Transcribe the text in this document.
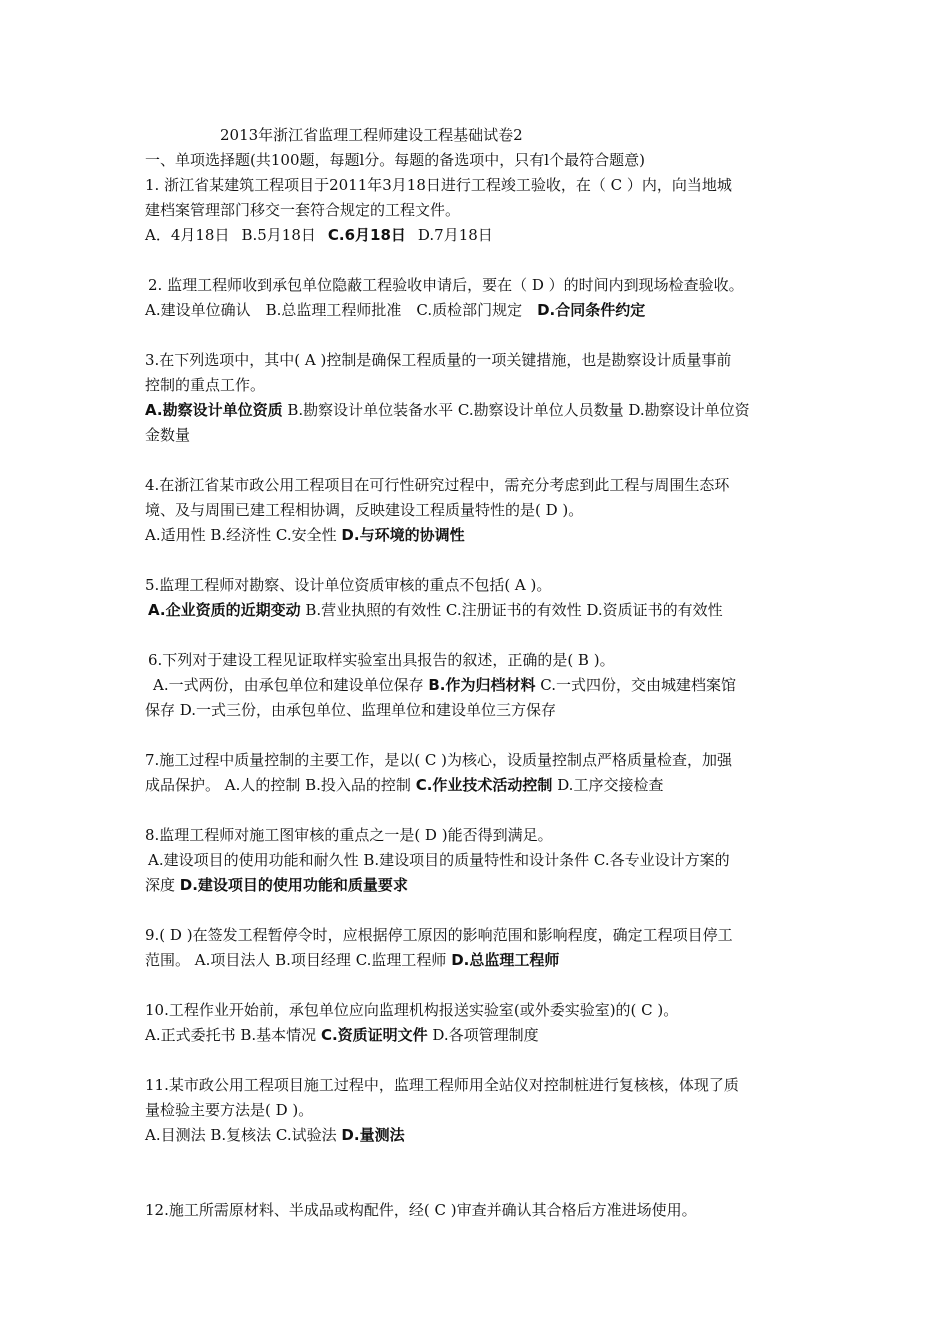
2013年浙江省监理工程师建设工程基础试卷2
一、单项选择题(共100题，每题l分。每题的备选项中，只有l个最符合题意)
1. 浙江省某建筑工程项目于2011年3月18日进行工程竣工验收，在（ C ）内，向当地城
建档案管理部门移交一套符合规定的工程文件。
A．4月18日 B.5月18日 C.6月18日 D.7月18日
2. 监理工程师收到承包单位隐蔽工程验收申请后，要在（ D ）的时间内到现场检查验收。
A.建设单位确认　B.总监理工程师批准　C.质检部门规定　D.合同条件约定
3.在下列选项中，其中( A )控制是确保工程质量的一项关键措施，也是勘察设计质量事前
控制的重点工作。
A.勘察设计单位资质 B.勘察设计单位装备水平 C.勘察设计单位人员数量 D.勘察设计单位资
金数量
4.在浙江省某市政公用工程项目在可行性研究过程中，需充分考虑到此工程与周围生态环
境、及与周围已建工程相协调，反映建设工程质量特性的是( D )。
A.适用性 B.经济性 C.安全性 D.与环境的协调性
5.监理工程师对勘察、设计单位资质审核的重点不包括( A )。
A.企业资质的近期变动 B.营业执照的有效性 C.注册证书的有效性 D.资质证书的有效性
6.下列对于建设工程见证取样实验室出具报告的叙述，正确的是( B )。
A.一式两份，由承包单位和建设单位保存 B.作为归档材料 C.一式四份，交由城建档案馆
保存 D.一式三份，由承包单位、监理单位和建设单位三方保存
7.施工过程中质量控制的主要工作，是以( C )为核心，设质量控制点严格质量检查，加强
成品保护。 A.人的控制 B.投入品的控制 C.作业技术活动控制 D.工序交接检查
8.监理工程师对施工图审核的重点之一是( D )能否得到满足。
A.建设项目的使用功能和耐久性 B.建设项目的质量特性和设计条件 C.各专业设计方案的
深度 D.建设项目的使用功能和质量要求
9.( D )在签发工程暂停令时，应根据停工原因的影响范围和影响程度，确定工程项目停工
范围。 A.项目法人 B.项目经理 C.监理工程师 D.总监理工程师
10.工程作业开始前，承包单位应向监理机构报送实验室(或外委实验室)的( C )。
A.正式委托书 B.基本情况 C.资质证明文件 D.各项管理制度
11.某市政公用工程项目施工过程中，监理工程师用全站仪对控制桩进行复核核，体现了质
量检验主要方法是( D )。
A.目测法 B.复核法 C.试验法 D.量测法
12.施工所需原材料、半成品或构配件，经( C )审查并确认其合格后方准进场使用。
